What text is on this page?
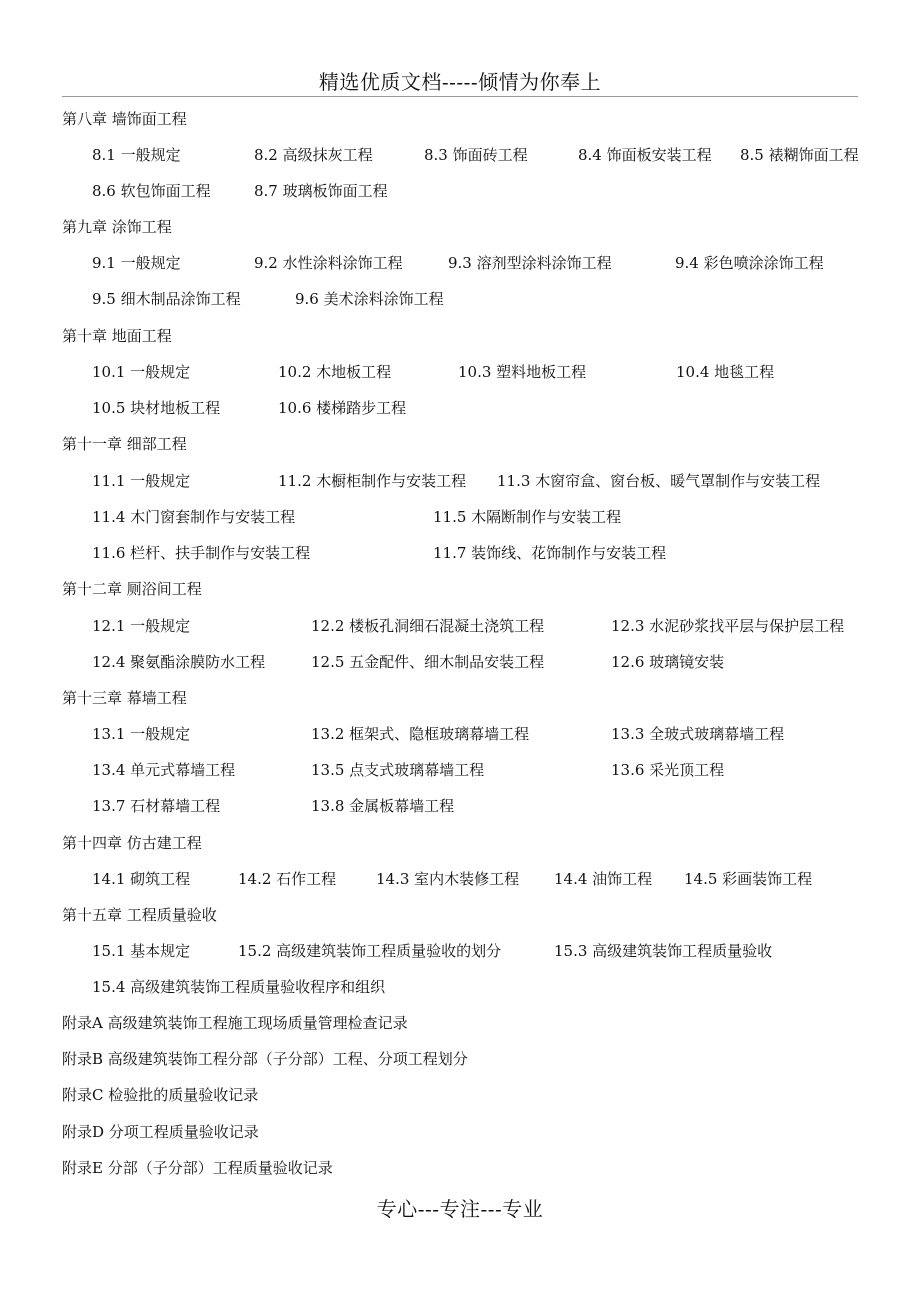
精选优质文档-----倾情为你奉上
第八章 墙饰面工程
8.1 一般规定	8.2 高级抹灰工程	8.3 饰面砖工程	8.4 饰面板安装工程 8.5 裱糊饰面工程
8.6 软包饰面工程	8.7 玻璃板饰面工程
第九章 涂饰工程
9.1 一般规定	9.2 水性涂料涂饰工程	9.3 溶剂型涂料涂饰工程	9.4 彩色喷涂涂饰工程
9.5 细木制品涂饰工程	9.6 美术涂料涂饰工程
第十章 地面工程
10.1 一般规定	10.2 木地板工程	10.3 塑料地板工程	10.4 地毯工程
10.5 块材地板工程	10.6 楼梯踏步工程
第十一章 细部工程
11.1 一般规定	11.2 木橱柜制作与安装工程 11.3 木窗帘盒、窗台板、暖气罩制作与安装工程
11.4 木门窗套制作与安装工程	11.5 木隔断制作与安装工程
11.6 栏杆、扶手制作与安装工程	11.7 装饰线、花饰制作与安装工程
第十二章 厕浴间工程
12.1 一般规定	12.2 楼板孔洞细石混凝土浇筑工程	12.3 水泥砂浆找平层与保护层工程
12.4 聚氨酯涂膜防水工程	12.5 五金配件、细木制品安装工程	12.6 玻璃镜安装
第十三章 幕墙工程
13.1 一般规定	13.2 框架式、隐框玻璃幕墙工程	13.3 全玻式玻璃幕墙工程
13.4 单元式幕墙工程	13.5 点支式玻璃幕墙工程	13.6 采光顶工程
13.7 石材幕墙工程	13.8 金属板幕墙工程
第十四章 仿古建工程
14.1 砌筑工程	14.2 石作工程	14.3 室内木装修工程 14.4 油饰工程 14.5 彩画装饰工程
第十五章 工程质量验收
15.1 基本规定	15.2 高级建筑装饰工程质量验收的划分	15.3 高级建筑装饰工程质量验收
15.4 高级建筑装饰工程质量验收程序和组织
附录A 高级建筑装饰工程施工现场质量管理检查记录
附录B 高级建筑装饰工程分部（子分部）工程、分项工程划分
附录C 检验批的质量验收记录
附录D 分项工程质量验收记录
附录E 分部（子分部）工程质量验收记录
专心---专注---专业
